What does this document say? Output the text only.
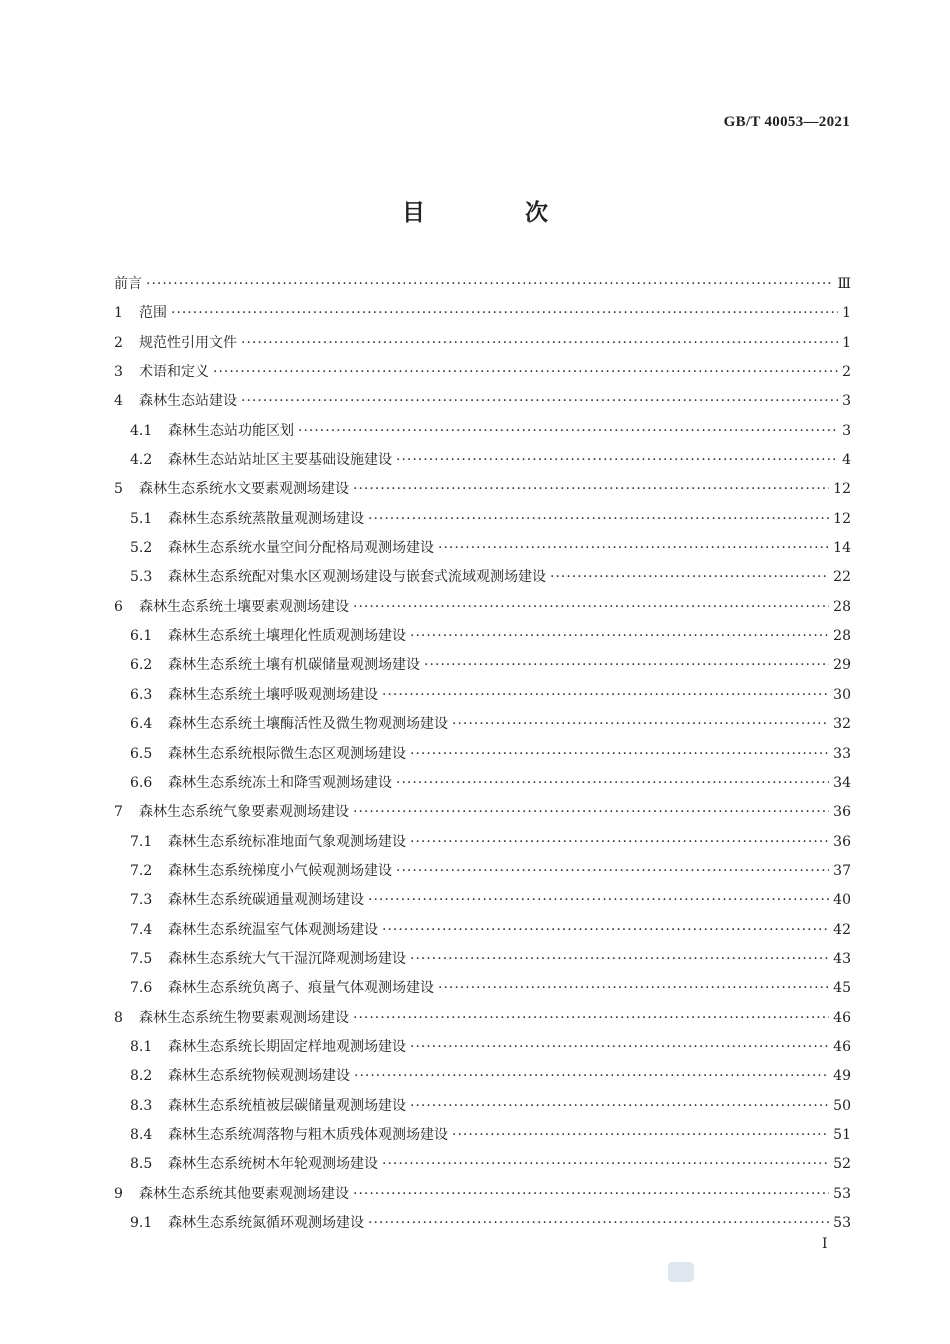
GB/T 40053—2021
目 次
前言 ·····	Ⅲ
1	范围 ·····	1
2	规范性引用文件 ·····	1
3	术语和定义 ·····	2
4	森林生态站建设 ·····	3
4.1	森林生态站功能区划 ·····	3
4.2	森林生态站站址区主要基础设施建设 ·····	4
5	森林生态系统水文要素观测场建设 ·····	12
5.1	森林生态系统蒸散量观测场建设 ·····	12
5.2	森林生态系统水量空间分配格局观测场建设 ·····	14
5.3	森林生态系统配对集水区观测场建设与嵌套式流域观测场建设 ·····	22
6	森林生态系统土壤要素观测场建设 ·····	28
6.1	森林生态系统土壤理化性质观测场建设 ·····	28
6.2	森林生态系统土壤有机碳储量观测场建设 ·····	29
6.3	森林生态系统土壤呼吸观测场建设 ·····	30
6.4	森林生态系统土壤酶活性及微生物观测场建设 ·····	32
6.5	森林生态系统根际微生态区观测场建设 ·····	33
6.6	森林生态系统冻土和降雪观测场建设 ·····	34
7	森林生态系统气象要素观测场建设 ·····	36
7.1	森林生态系统标准地面气象观测场建设 ·····	36
7.2	森林生态系统梯度小气候观测场建设 ·····	37
7.3	森林生态系统碳通量观测场建设 ·····	40
7.4	森林生态系统温室气体观测场建设 ·····	42
7.5	森林生态系统大气干湿沉降观测场建设 ·····	43
7.6	森林生态系统负离子、痕量气体观测场建设 ·····	45
8	森林生态系统生物要素观测场建设 ·····	46
8.1	森林生态系统长期固定样地观测场建设 ·····	46
8.2	森林生态系统物候观测场建设 ·····	49
8.3	森林生态系统植被层碳储量观测场建设 ·····	50
8.4	森林生态系统凋落物与粗木质残体观测场建设 ·····	51
8.5	森林生态系统树木年轮观测场建设 ·····	52
9	森林生态系统其他要素观测场建设 ·····	53
9.1	森林生态系统氮循环观测场建设 ·····	53
Ⅰ
